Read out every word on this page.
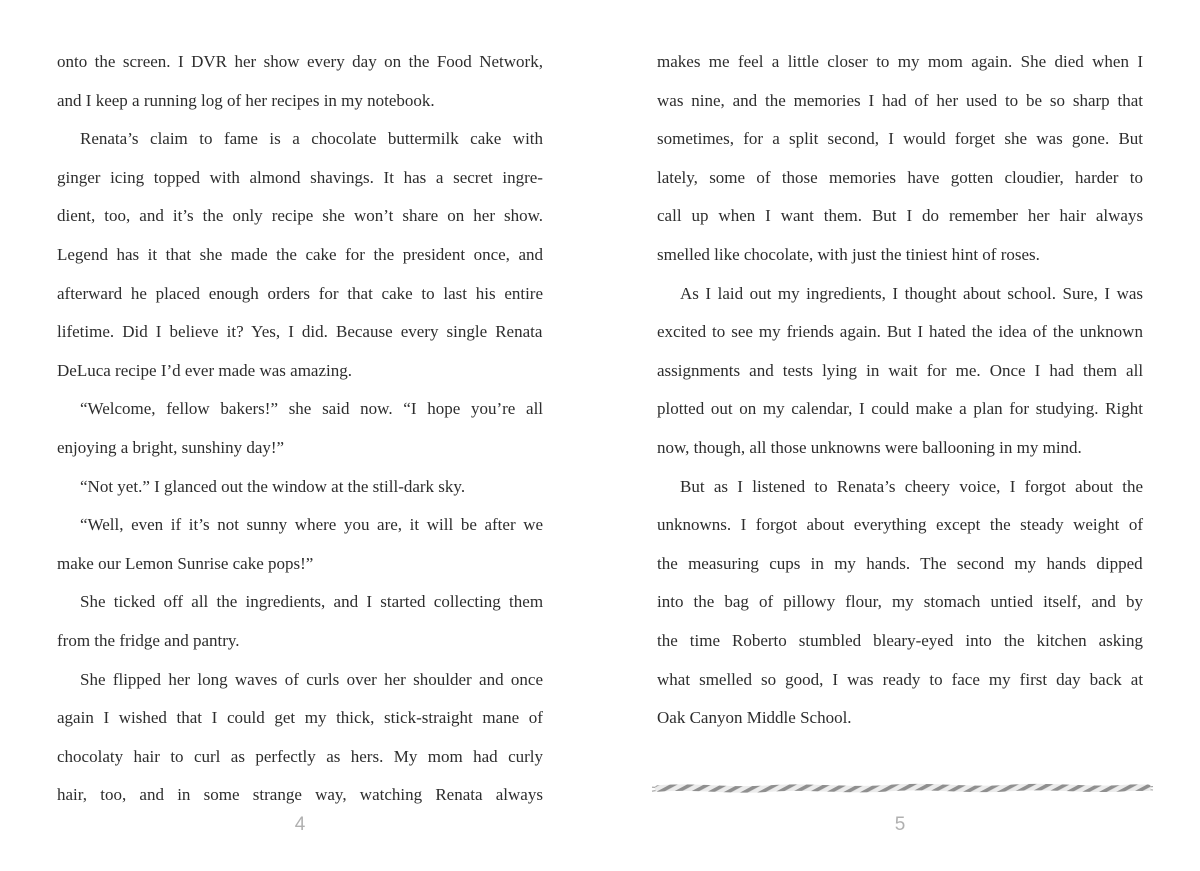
onto the screen. I DVR her show every day on the Food Network,
and I keep a running log of her recipes in my notebook.
Renata’s claim to fame is a chocolate buttermilk cake with
ginger icing topped with almond shavings. It has a secret ingre-
dient, too, and it’s the only recipe she won’t share on her show.
Legend has it that she made the cake for the president once, and
afterward he placed enough orders for that cake to last his entire
lifetime. Did I believe it? Yes, I did. Because every single Renata
DeLuca recipe I’d ever made was amazing.
“Welcome, fellow bakers!” she said now. “I hope you’re all
enjoying a bright, sunshiny day!”
“Not yet.” I glanced out the window at the still-dark sky.
“Well, even if it’s not sunny where you are, it will be after we
make our Lemon Sunrise cake pops!”
She ticked off all the ingredients, and I started collecting them
from the fridge and pantry.
She flipped her long waves of curls over her shoulder and once
again I wished that I could get my thick, stick-straight mane of
chocolaty hair to curl as perfectly as hers. My mom had curly
hair, too, and in some strange way, watching Renata always
4
makes me feel a little closer to my mom again. She died when I
was nine, and the memories I had of her used to be so sharp that
sometimes, for a split second, I would forget she was gone. But
lately, some of those memories have gotten cloudier, harder to
call up when I want them. But I do remember her hair always
smelled like chocolate, with just the tiniest hint of roses.
As I laid out my ingredients, I thought about school. Sure, I was
excited to see my friends again. But I hated the idea of the unknown
assignments and tests lying in wait for me. Once I had them all
plotted out on my calendar, I could make a plan for studying. Right
now, though, all those unknowns were ballooning in my mind.
But as I listened to Renata’s cheery voice, I forgot about the
unknowns. I forgot about everything except the steady weight of
the measuring cups in my hands. The second my hands dipped
into the bag of pillowy flour, my stomach untied itself, and by
the time Roberto stumbled bleary-eyed into the kitchen asking
what smelled so good, I was ready to face my first day back at
Oak Canyon Middle School.
5
